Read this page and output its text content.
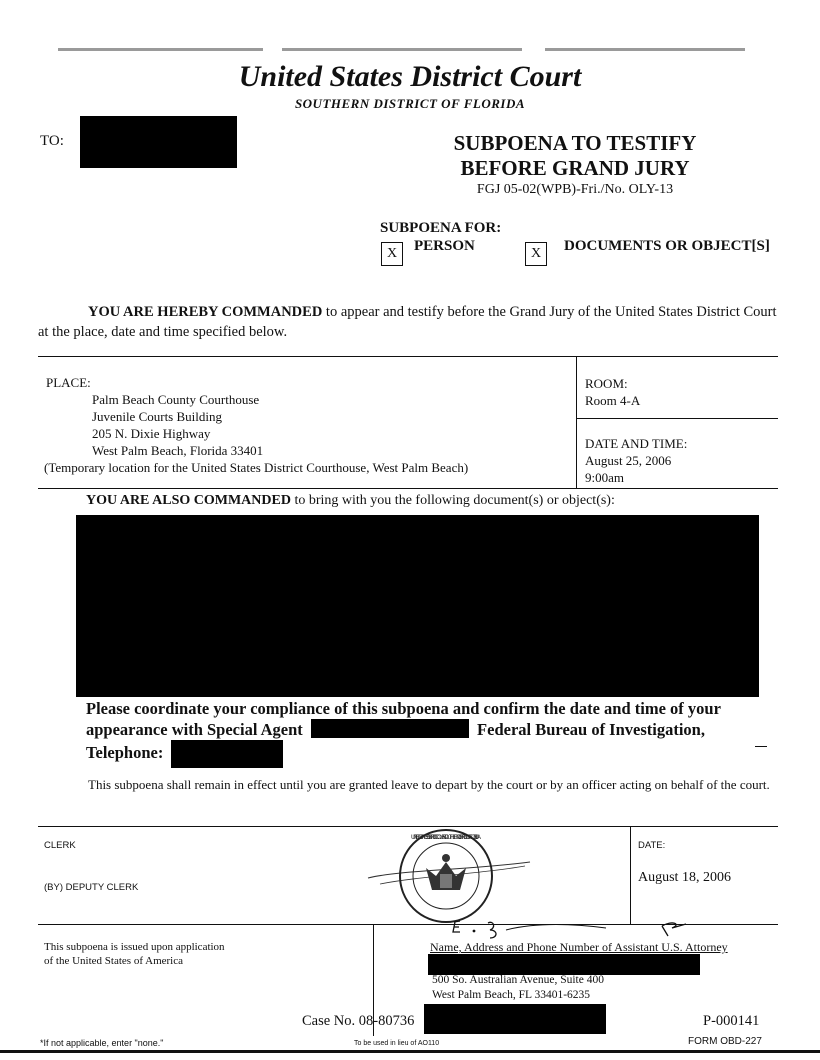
United States District Court
SOUTHERN DISTRICT OF FLORIDA
TO:	SUBPOENA TO TESTIFY
BEFORE GRAND JURY
FGJ 05-02(WPB)-Fri./No. OLY-13
SUBPOENA FOR:
X	PERSON	X	DOCUMENTS OR OBJECT[S]
YOU ARE HEREBY COMMANDED to appear and testify before the Grand Jury of the United States District Court at the place, date and time specified below.
PLACE:
Palm Beach County Courthouse
Juvenile Courts Building
205 N. Dixie Highway
West Palm Beach, Florida 33401
(Temporary location for the United States District Courthouse, West Palm Beach)
ROOM:
Room 4-A
DATE AND TIME:
August 25, 2006
9:00am
YOU ARE ALSO COMMANDED to bring with you the following document(s) or object(s):
Please coordinate your compliance of this subpoena and confirm the date and time of your
appearance with Special Agent	Federal Bureau of Investigation,
Telephone:
This subpoena shall remain in effect until you are granted leave to depart by the court or by an officer acting on behalf of the court.
CLERK
(BY) DEPUTY CLERK
DATE:
August 18, 2006
UNITED STATES DISTRICT COURT · SOUTHERN DISTRICT OF FLORIDA
This subpoena is issued upon application
of the United States of America
Name, Address and Phone Number of Assistant U.S. Attorney
500 So. Australian Avenue, Suite 400
West Palm Beach, FL 33401-6235
Case No. 08-80736	P-000141
*If not applicable, enter "none."	To be used in lieu of AO110	FORM OBD-227
